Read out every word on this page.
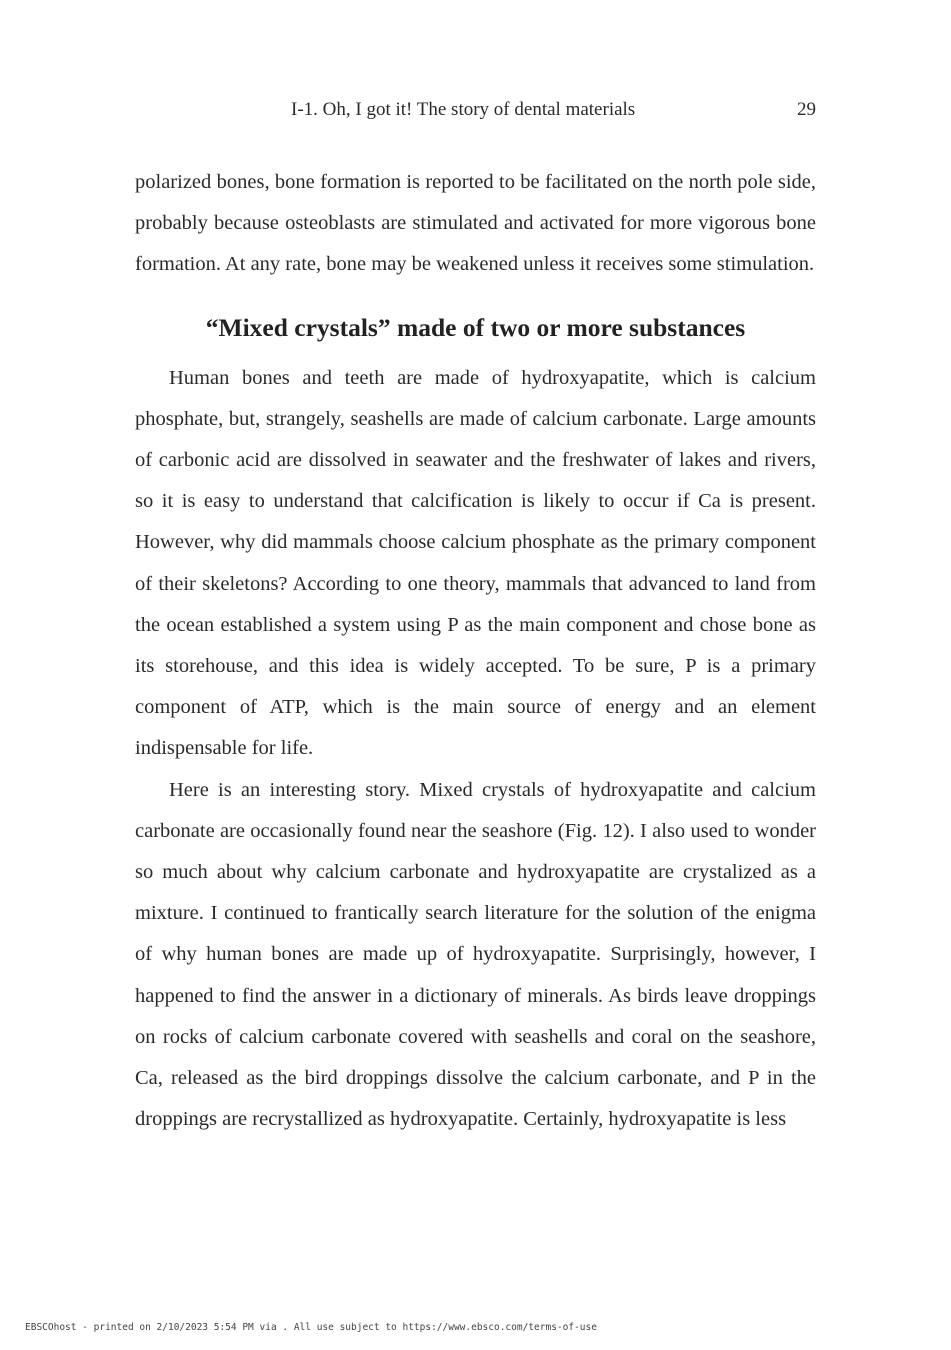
I-1. Oh, I got it! The story of dental materials	29

polarized bones, bone formation is reported to be facilitated on the north pole side, probably because osteoblasts are stimulated and activated for more vigorous bone formation. At any rate, bone may be weakened unless it receives some stimulation.

“Mixed crystals” made of two or more substances

Human bones and teeth are made of hydroxyapatite, which is calcium phosphate, but, strangely, seashells are made of calcium carbonate. Large amounts of carbonic acid are dissolved in seawater and the freshwater of lakes and rivers, so it is easy to understand that calcification is likely to occur if Ca is present. However, why did mammals choose calcium phosphate as the primary component of their skeletons? According to one theory, mammals that advanced to land from the ocean established a system using P as the main component and chose bone as its storehouse, and this idea is widely accepted. To be sure, P is a primary component of ATP, which is the main source of energy and an element indispensable for life.

Here is an interesting story. Mixed crystals of hydroxyapatite and calcium carbonate are occasionally found near the seashore (Fig. 12). I also used to wonder so much about why calcium carbonate and hydroxyapatite are crystalized as a mixture. I continued to frantically search literature for the solution of the enigma of why human bones are made up of hydroxyapatite. Surprisingly, however, I happened to find the answer in a dictionary of minerals. As birds leave droppings on rocks of calcium carbonate covered with seashells and coral on the seashore, Ca, released as the bird droppings dissolve the calcium carbonate, and P in the droppings are recrystallized as hydroxyapatite. Certainly, hydroxyapatite is less

EBSCOhost - printed on 2/10/2023 5:54 PM via . All use subject to https://www.ebsco.com/terms-of-use
